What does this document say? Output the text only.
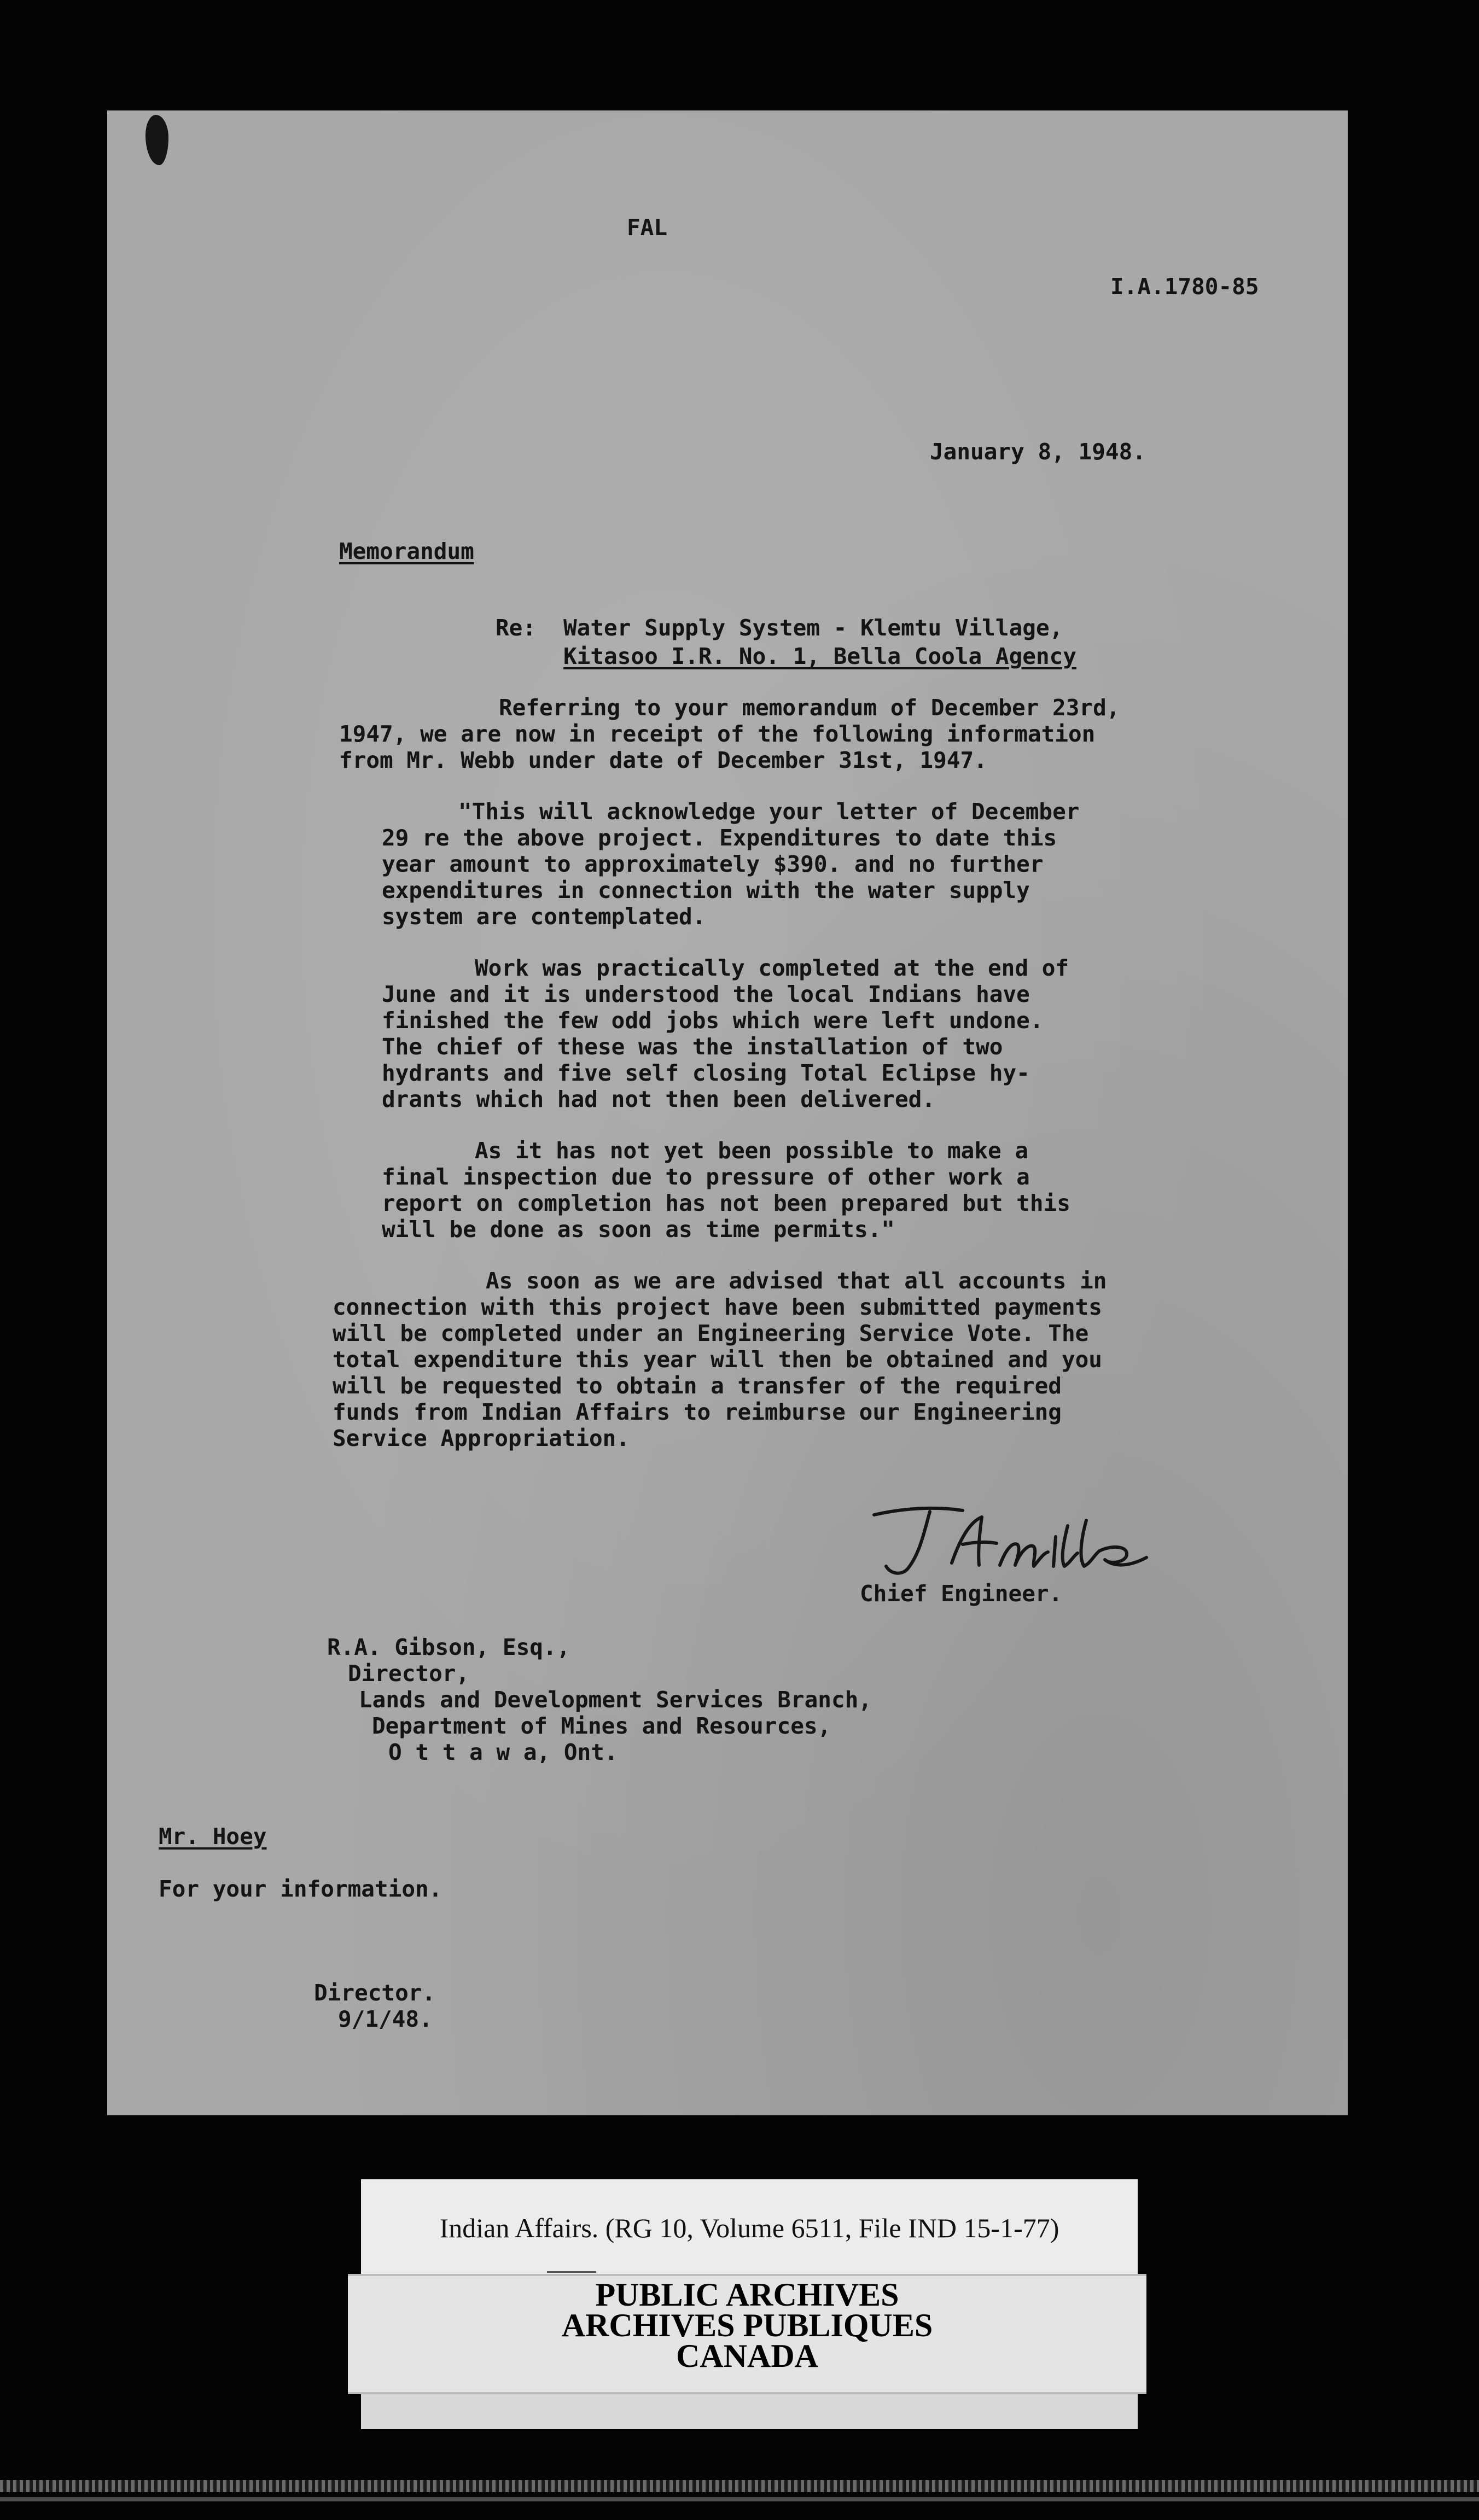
FAL
I.A.1780-85
January 8, 1948.
Memorandum
Re: Water Supply System - Klemtu Village,
Kitasoo I.R. No. 1, Bella Coola Agency
Referring to your memorandum of December 23rd,
1947, we are now in receipt of the following information
from Mr. Webb under date of December 31st, 1947.
"This will acknowledge your letter of December
29 re the above project. Expenditures to date this
year amount to approximately $390. and no further
expenditures in connection with the water supply
system are contemplated.
Work was practically completed at the end of
June and it is understood the local Indians have
finished the few odd jobs which were left undone.
The chief of these was the installation of two
hydrants and five self closing Total Eclipse hy-
drants which had not then been delivered.
As it has not yet been possible to make a
final inspection due to pressure of other work a
report on completion has not been prepared but this
will be done as soon as time permits."
As soon as we are advised that all accounts in
connection with this project have been submitted payments
will be completed under an Engineering Service Vote. The
total expenditure this year will then be obtained and you
will be requested to obtain a transfer of the required
funds from Indian Affairs to reimburse our Engineering
Service Appropriation.
Chief Engineer.
R.A. Gibson, Esq.,
Director,
Lands and Development Services Branch,
Department of Mines and Resources,
O t t a w a, Ont.
Mr. Hoey
For your information.
Director.
9/1/48.
Indian Affairs. (RG 10, Volume 6511, File IND 15-1-77)
PUBLIC ARCHIVES
ARCHIVES PUBLIQUES
CANADA
